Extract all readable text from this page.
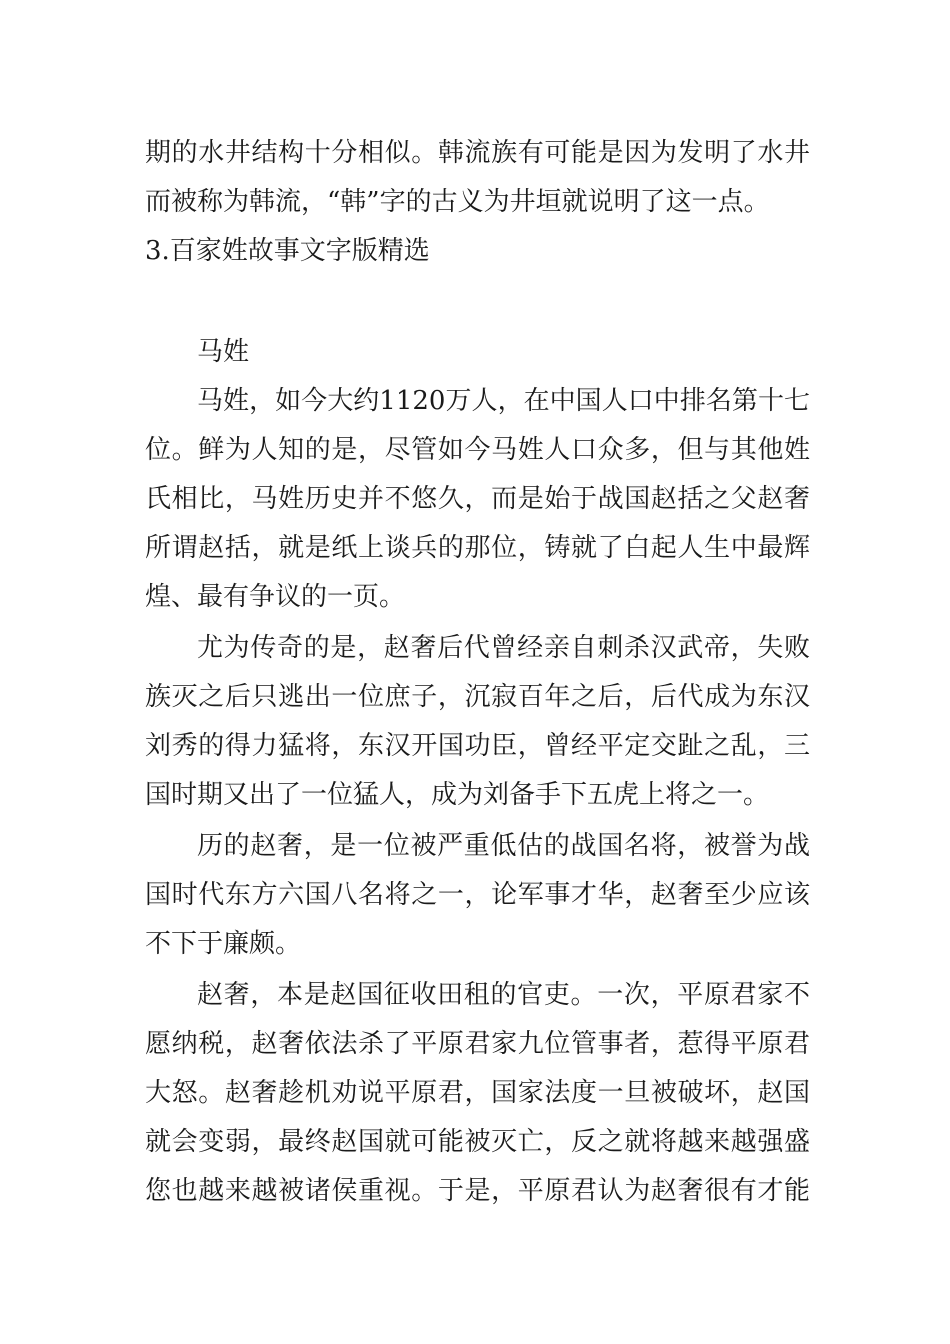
期的水井结构十分相似。韩流族有可能是因为发明了水井
而被称为韩流，“韩”字的古义为井垣就说明了这一点。
3.百家姓故事文字版精选
马姓
马姓，如今大约1120万人，在中国人口中排名第十七
位。鲜为人知的是，尽管如今马姓人口众多，但与其他姓
氏相比，马姓历史并不悠久，而是始于战国赵括之父赵奢
所谓赵括，就是纸上谈兵的那位，铸就了白起人生中最辉
煌、最有争议的一页。
尤为传奇的是，赵奢后代曾经亲自刺杀汉武帝，失败
族灭之后只逃出一位庶子，沉寂百年之后，后代成为东汉
刘秀的得力猛将，东汉开国功臣，曾经平定交趾之乱，三
国时期又出了一位猛人，成为刘备手下五虎上将之一。
历的赵奢，是一位被严重低估的战国名将，被誉为战
国时代东方六国八名将之一，论军事才华，赵奢至少应该
不下于廉颇。
赵奢，本是赵国征收田租的官吏。一次，平原君家不
愿纳税，赵奢依法杀了平原君家九位管事者，惹得平原君
大怒。赵奢趁机劝说平原君，国家法度一旦被破坏，赵国
就会变弱，最终赵国就可能被灭亡，反之就将越来越强盛
您也越来越被诸侯重视。于是，平原君认为赵奢很有才能
